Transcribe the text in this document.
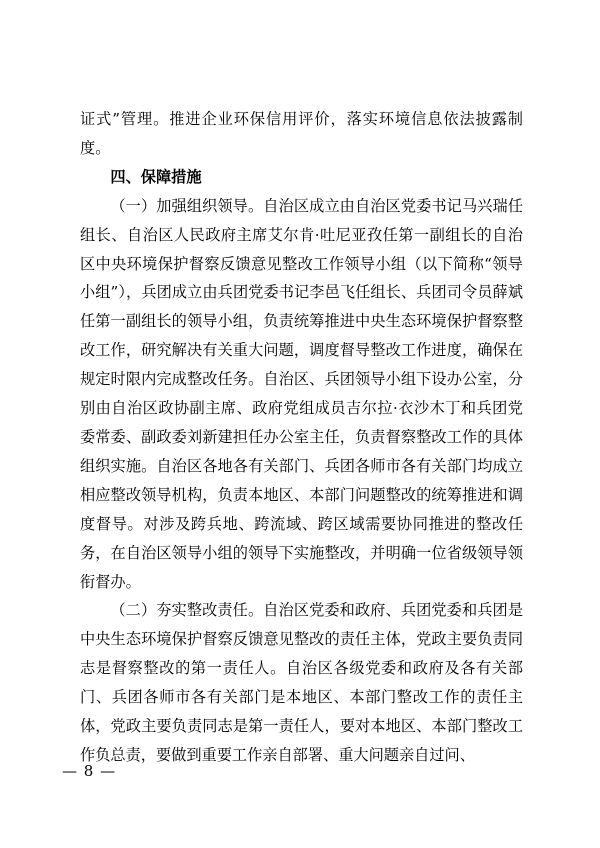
证式”管理。推进企业环保信用评价，落实环境信息依法披露制度。

四、保障措施

（一）加强组织领导。自治区成立由自治区党委书记马兴瑞任组长、自治区人民政府主席艾尔肯·吐尼亚孜任第一副组长的自治区中央环境保护督察反馈意见整改工作领导小组（以下简称“领导小组”），兵团成立由兵团党委书记李邑飞任组长、兵团司令员薛斌任第一副组长的领导小组，负责统筹推进中央生态环境保护督察整改工作，研究解决有关重大问题，调度督导整改工作进度，确保在规定时限内完成整改任务。自治区、兵团领导小组下设办公室，分别由自治区政协副主席、政府党组成员吉尔拉·衣沙木丁和兵团党委常委、副政委刘新建担任办公室主任，负责督察整改工作的具体组织实施。自治区各地各有关部门、兵团各师市各有关部门均成立相应整改领导机构，负责本地区、本部门问题整改的统筹推进和调度督导。对涉及跨兵地、跨流域、跨区域需要协同推进的整改任务，在自治区领导小组的领导下实施整改，并明确一位省级领导领衔督办。

（二）夯实整改责任。自治区党委和政府、兵团党委和兵团是中央生态环境保护督察反馈意见整改的责任主体，党政主要负责同志是督察整改的第一责任人。自治区各级党委和政府及各有关部门、兵团各师市各有关部门是本地区、本部门整改工作的责任主体，党政主要负责同志是第一责任人，要对本地区、本部门整改工作负总责，要做到重要工作亲自部署、重大问题亲自过问、

— 8 —
